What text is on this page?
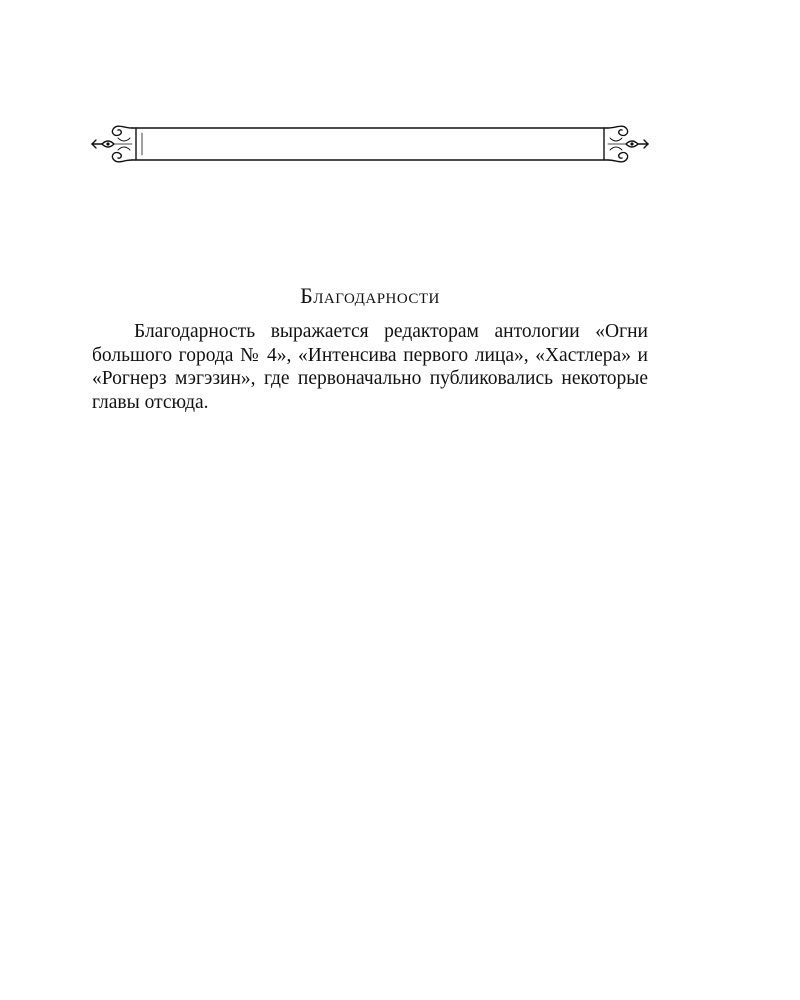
Благодарности

Благодарность выражается редакторам антологии «Огни большого города № 4», «Интенсива первого лица», «Хастлера» и «Рогнерз мэгэзин», где первоначально публиковались некоторые главы отсюда.
